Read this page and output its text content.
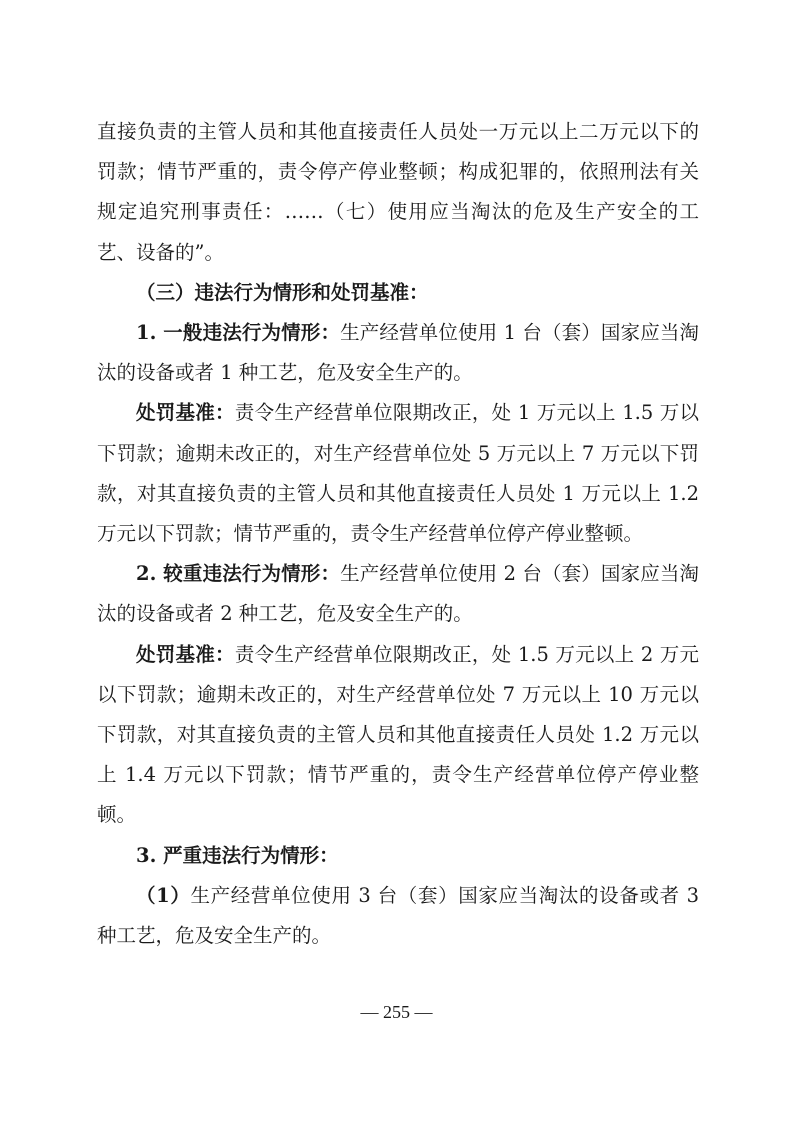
直接负责的主管人员和其他直接责任人员处一万元以上二万元以下的罚款；情节严重的，责令停产停业整顿；构成犯罪的，依照刑法有关规定追究刑事责任：……（七）使用应当淘汰的危及生产安全的工艺、设备的”。

（三）违法行为情形和处罚基准：

1. 一般违法行为情形：生产经营单位使用 1 台（套）国家应当淘汰的设备或者 1 种工艺，危及安全生产的。

处罚基准：责令生产经营单位限期改正，处 1 万元以上 1.5 万以下罚款；逾期未改正的，对生产经营单位处 5 万元以上 7 万元以下罚款，对其直接负责的主管人员和其他直接责任人员处 1 万元以上 1.2 万元以下罚款；情节严重的，责令生产经营单位停产停业整顿。

2. 较重违法行为情形：生产经营单位使用 2 台（套）国家应当淘汰的设备或者 2 种工艺，危及安全生产的。

处罚基准：责令生产经营单位限期改正，处 1.5 万元以上 2 万元以下罚款；逾期未改正的，对生产经营单位处 7 万元以上 10 万元以下罚款，对其直接负责的主管人员和其他直接责任人员处 1.2 万元以上 1.4 万元以下罚款；情节严重的，责令生产经营单位停产停业整顿。

3. 严重违法行为情形：

（1）生产经营单位使用 3 台（套）国家应当淘汰的设备或者 3 种工艺，危及安全生产的。

— 255 —
